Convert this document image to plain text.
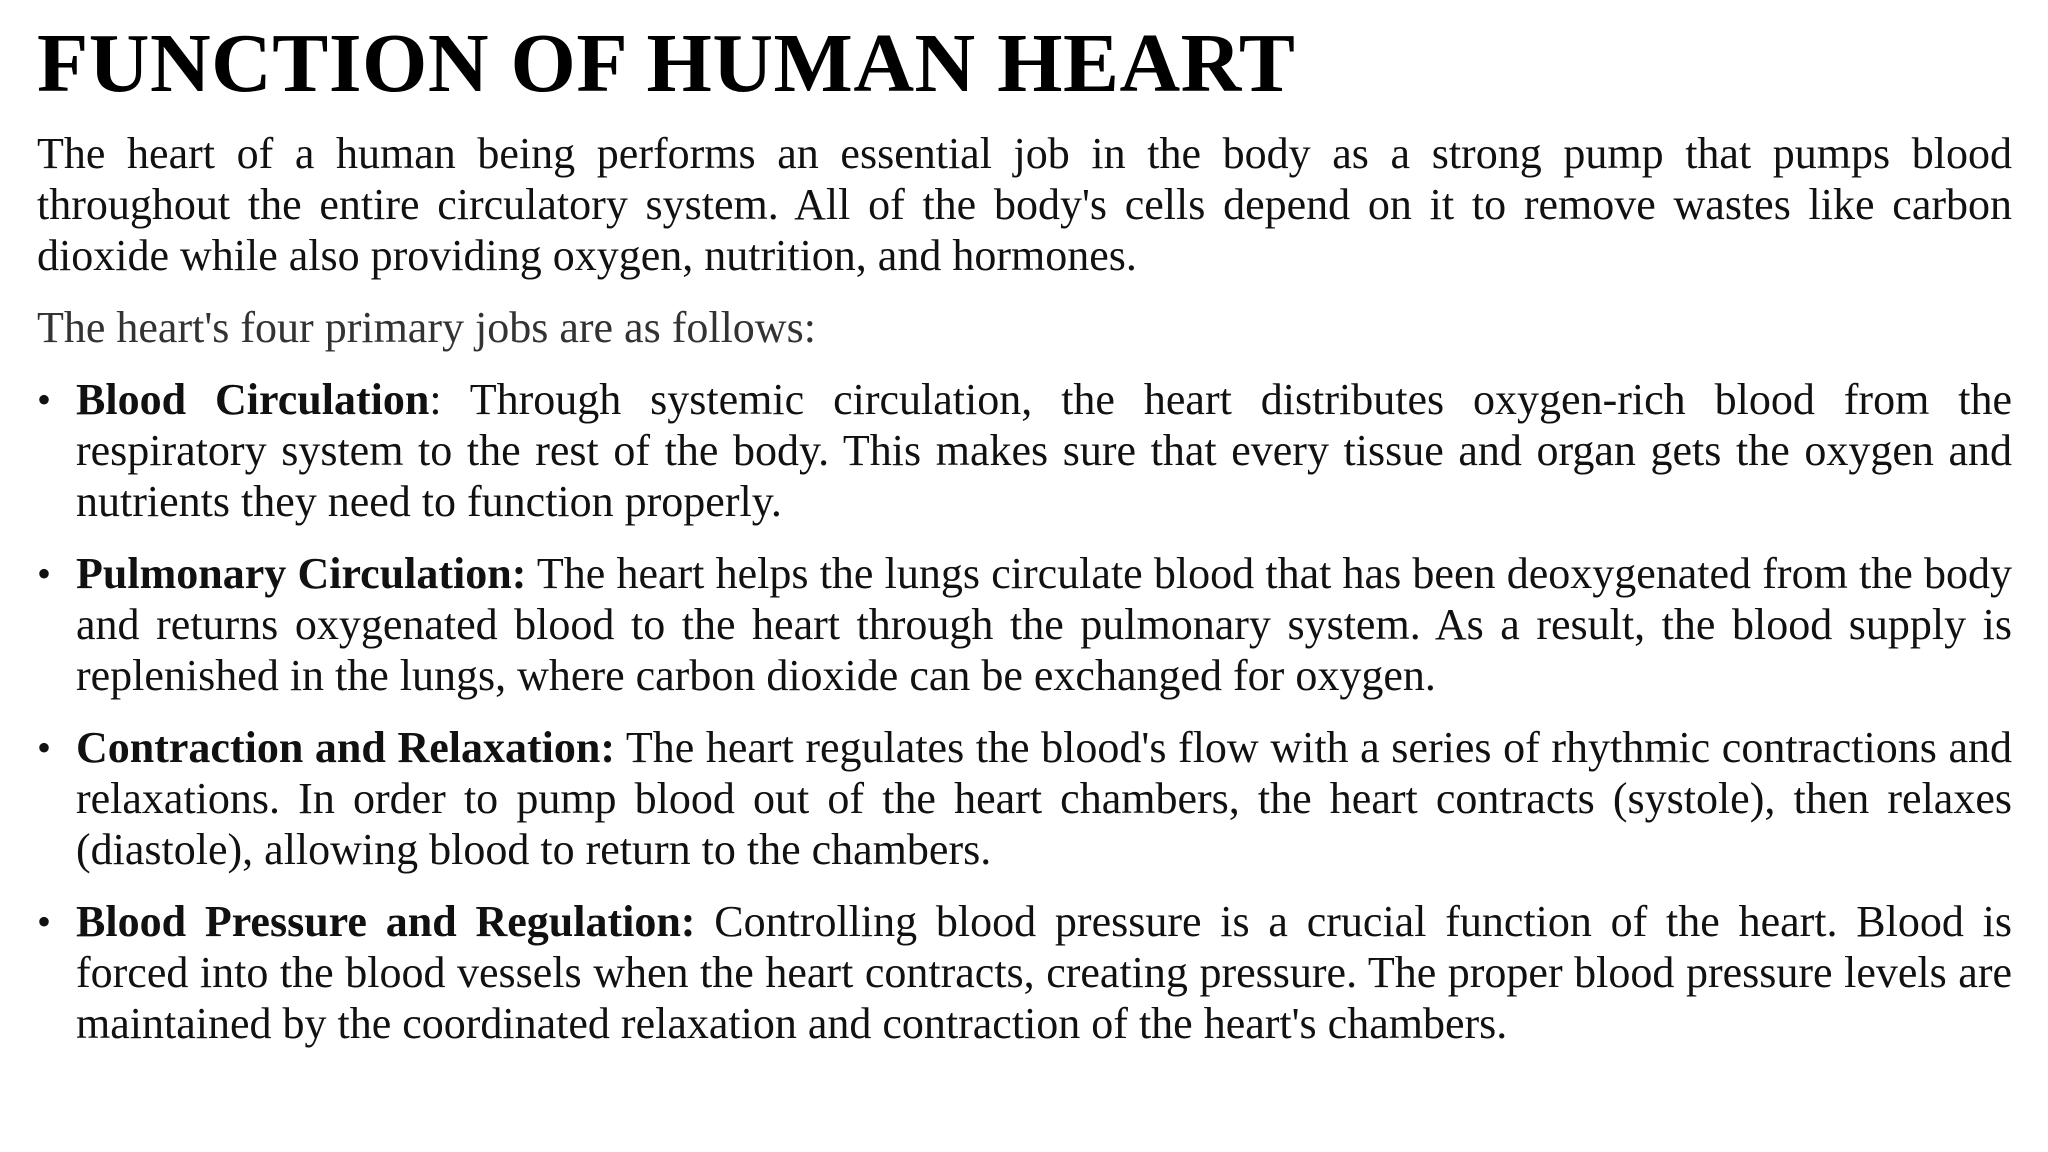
FUNCTION OF HUMAN HEART

The heart of a human being performs an essential job in the body as a strong pump that pumps blood throughout the entire circulatory system. All of the body's cells depend on it to remove wastes like carbon dioxide while also providing oxygen, nutrition, and hormones.

The heart's four primary jobs are as follows:

• Blood Circulation: Through systemic circulation, the heart distributes oxygen-rich blood from the respiratory system to the rest of the body. This makes sure that every tissue and organ gets the oxygen and nutrients they need to function properly.
• Pulmonary Circulation: The heart helps the lungs circulate blood that has been deoxygenated from the body and returns oxygenated blood to the heart through the pulmonary system. As a result, the blood supply is replenished in the lungs, where carbon dioxide can be exchanged for oxygen.
• Contraction and Relaxation: The heart regulates the blood's flow with a series of rhythmic contractions and relaxations. In order to pump blood out of the heart chambers, the heart contracts (systole), then relaxes (diastole), allowing blood to return to the chambers.
• Blood Pressure and Regulation: Controlling blood pressure is a crucial function of the heart. Blood is forced into the blood vessels when the heart contracts, creating pressure. The proper blood pressure levels are maintained by the coordinated relaxation and contraction of the heart's chambers.
